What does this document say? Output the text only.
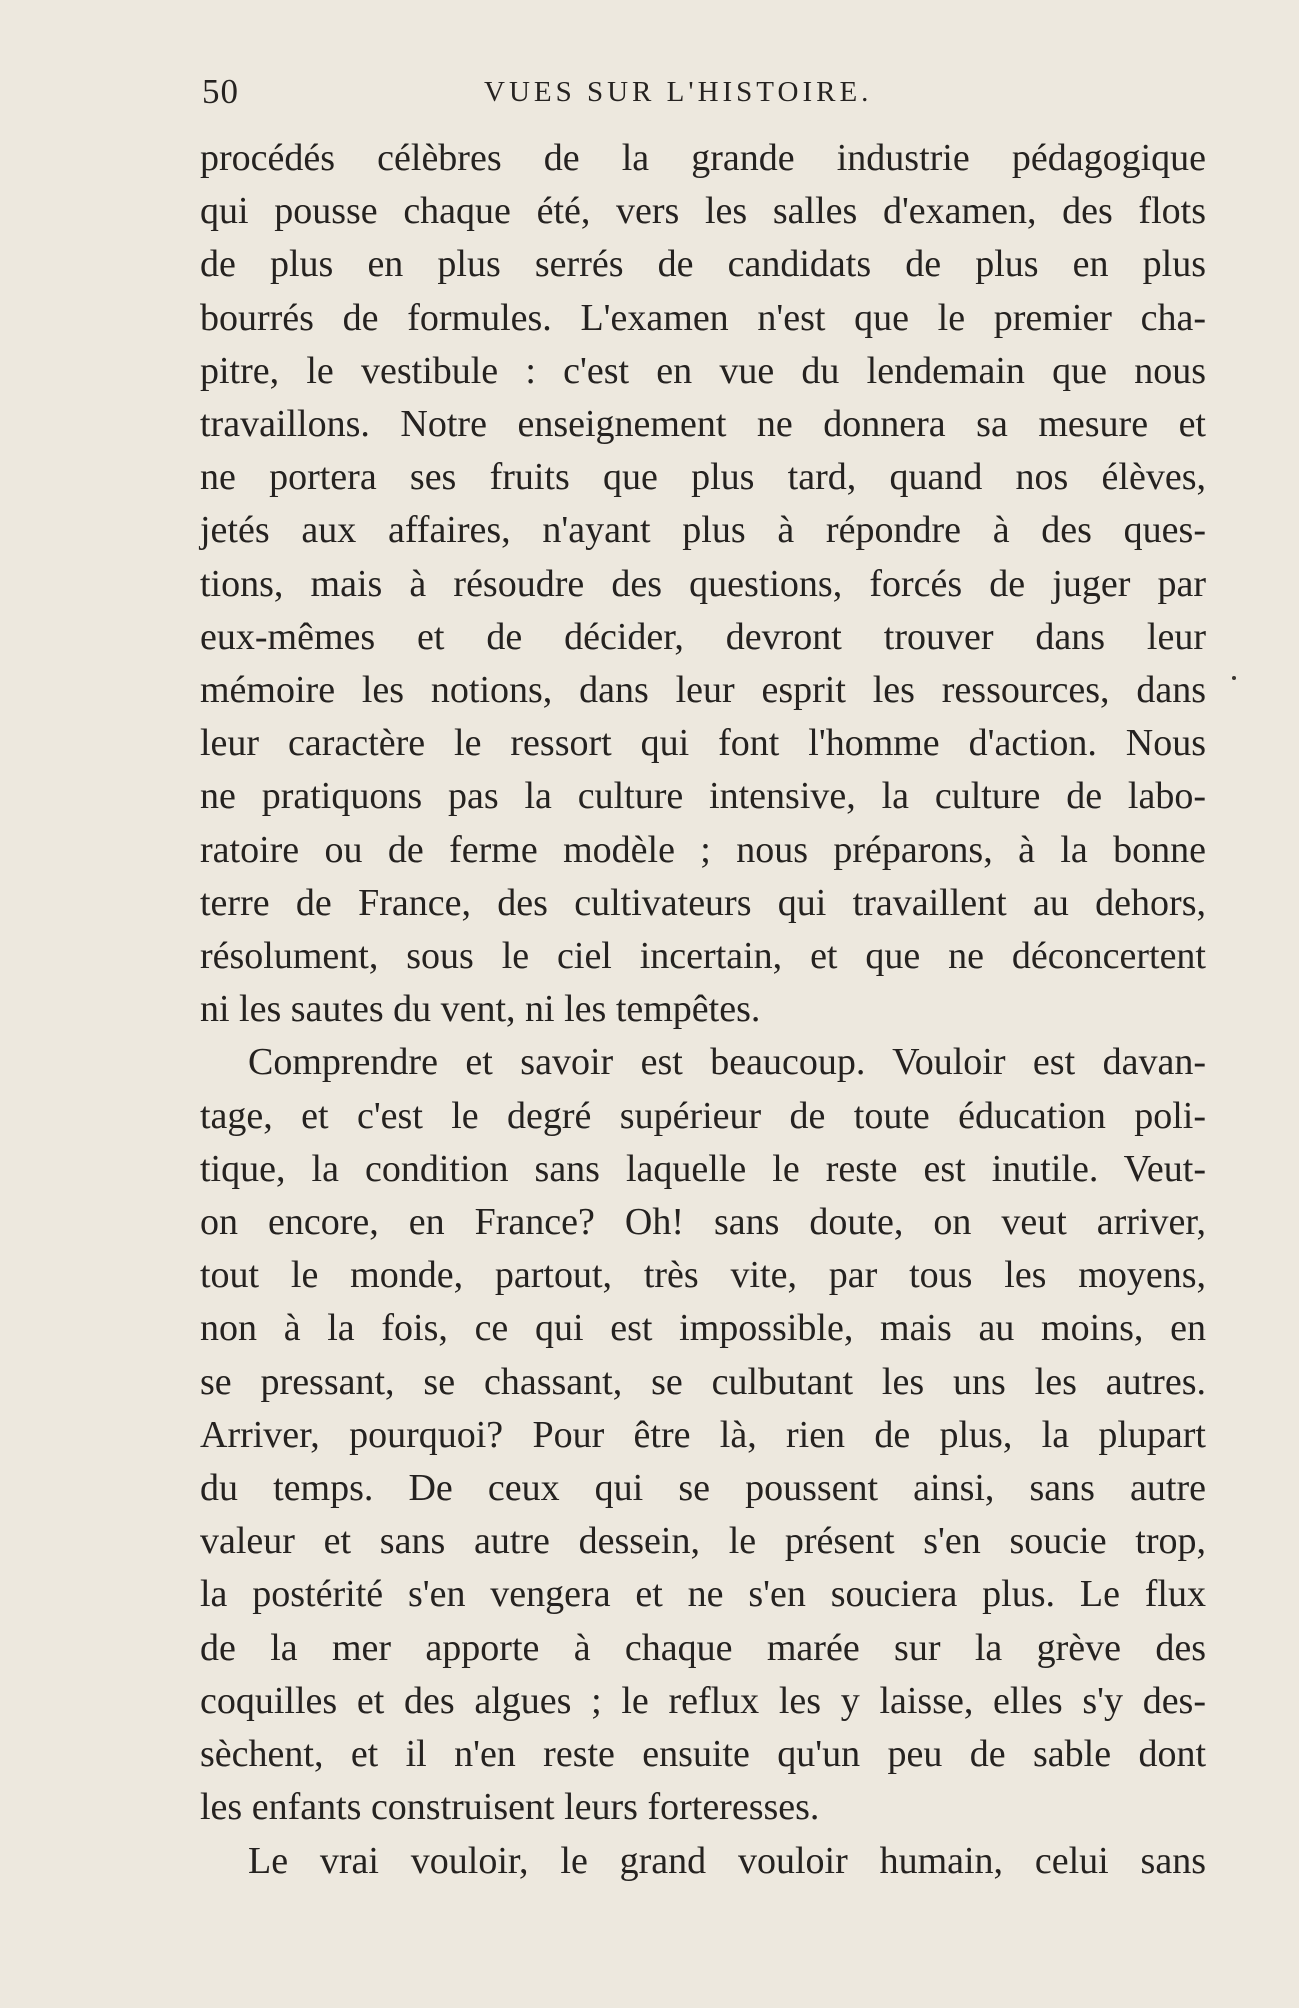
50	VUES SUR L'HISTOIRE.

procédés célèbres de la grande industrie pédagogique
qui pousse chaque été, vers les salles d'examen, des flots
de plus en plus serrés de candidats de plus en plus
bourrés de formules. L'examen n'est que le premier cha-
pitre, le vestibule : c'est en vue du lendemain que nous
travaillons. Notre enseignement ne donnera sa mesure et
ne portera ses fruits que plus tard, quand nos élèves,
jetés aux affaires, n'ayant plus à répondre à des ques-
tions, mais à résoudre des questions, forcés de juger par
eux-mêmes et de décider, devront trouver dans leur
mémoire les notions, dans leur esprit les ressources, dans
leur caractère le ressort qui font l'homme d'action. Nous
ne pratiquons pas la culture intensive, la culture de labo-
ratoire ou de ferme modèle ; nous préparons, à la bonne
terre de France, des cultivateurs qui travaillent au dehors,
résolument, sous le ciel incertain, et que ne déconcertent
ni les sautes du vent, ni les tempêtes.

Comprendre et savoir est beaucoup. Vouloir est davan-
tage, et c'est le degré supérieur de toute éducation poli-
tique, la condition sans laquelle le reste est inutile. Veut-
on encore, en France? Oh! sans doute, on veut arriver,
tout le monde, partout, très vite, par tous les moyens,
non à la fois, ce qui est impossible, mais au moins, en
se pressant, se chassant, se culbutant les uns les autres.
Arriver, pourquoi? Pour être là, rien de plus, la plupart
du temps. De ceux qui se poussent ainsi, sans autre
valeur et sans autre dessein, le présent s'en soucie trop,
la postérité s'en vengera et ne s'en souciera plus. Le flux
de la mer apporte à chaque marée sur la grève des
coquilles et des algues ; le reflux les y laisse, elles s'y des-
sèchent, et il n'en reste ensuite qu'un peu de sable dont
les enfants construisent leurs forteresses.

Le vrai vouloir, le grand vouloir humain, celui sans
